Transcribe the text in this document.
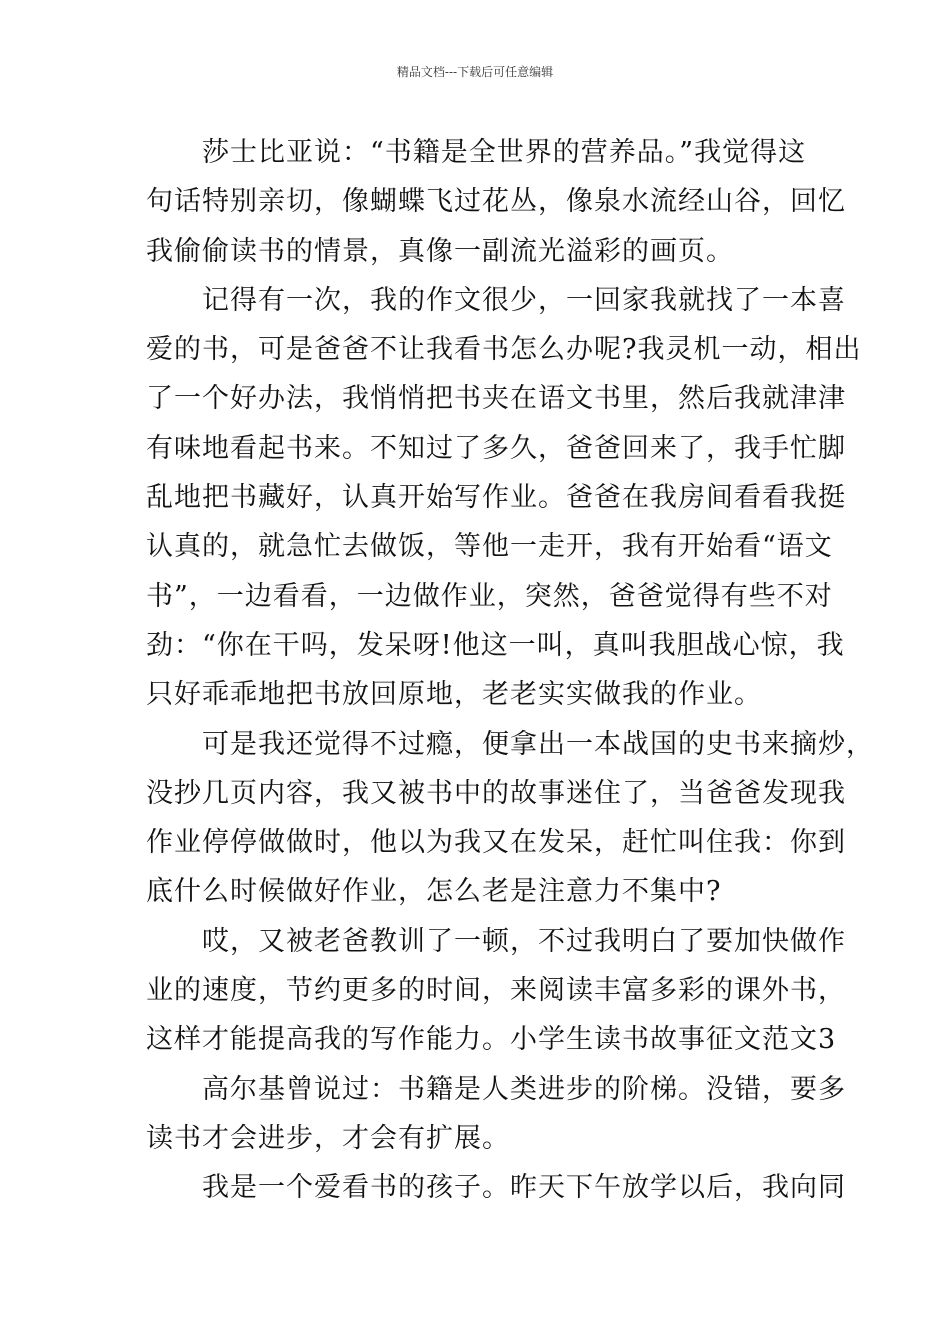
精品文档---下载后可任意编辑
莎士比亚说：“书籍是全世界的营养品。”我觉得这
句话特别亲切，像蝴蝶飞过花丛，像泉水流经山谷，回忆
我偷偷读书的情景，真像一副流光溢彩的画页。
记得有一次，我的作文很少，一回家我就找了一本喜
爱的书，可是爸爸不让我看书怎么办呢?我灵机一动，相出
了一个好办法，我悄悄把书夹在语文书里，然后我就津津
有味地看起书来。不知过了多久，爸爸回来了，我手忙脚
乱地把书藏好，认真开始写作业。爸爸在我房间看看我挺
认真的，就急忙去做饭，等他一走开，我有开始看“语文
书”，一边看看，一边做作业，突然，爸爸觉得有些不对
劲：“你在干吗，发呆呀!他这一叫，真叫我胆战心惊，我
只好乖乖地把书放回原地，老老实实做我的作业。
可是我还觉得不过瘾，便拿出一本战国的史书来摘炒，
没抄几页内容，我又被书中的故事迷住了，当爸爸发现我
作业停停做做时，他以为我又在发呆，赶忙叫住我：你到
底什么时候做好作业，怎么老是注意力不集中?
哎，又被老爸教训了一顿，不过我明白了要加快做作
业的速度，节约更多的时间，来阅读丰富多彩的课外书，
这样才能提高我的写作能力。小学生读书故事征文范文3
高尔基曾说过：书籍是人类进步的阶梯。没错，要多
读书才会进步，才会有扩展。
我是一个爱看书的孩子。昨天下午放学以后，我向同
